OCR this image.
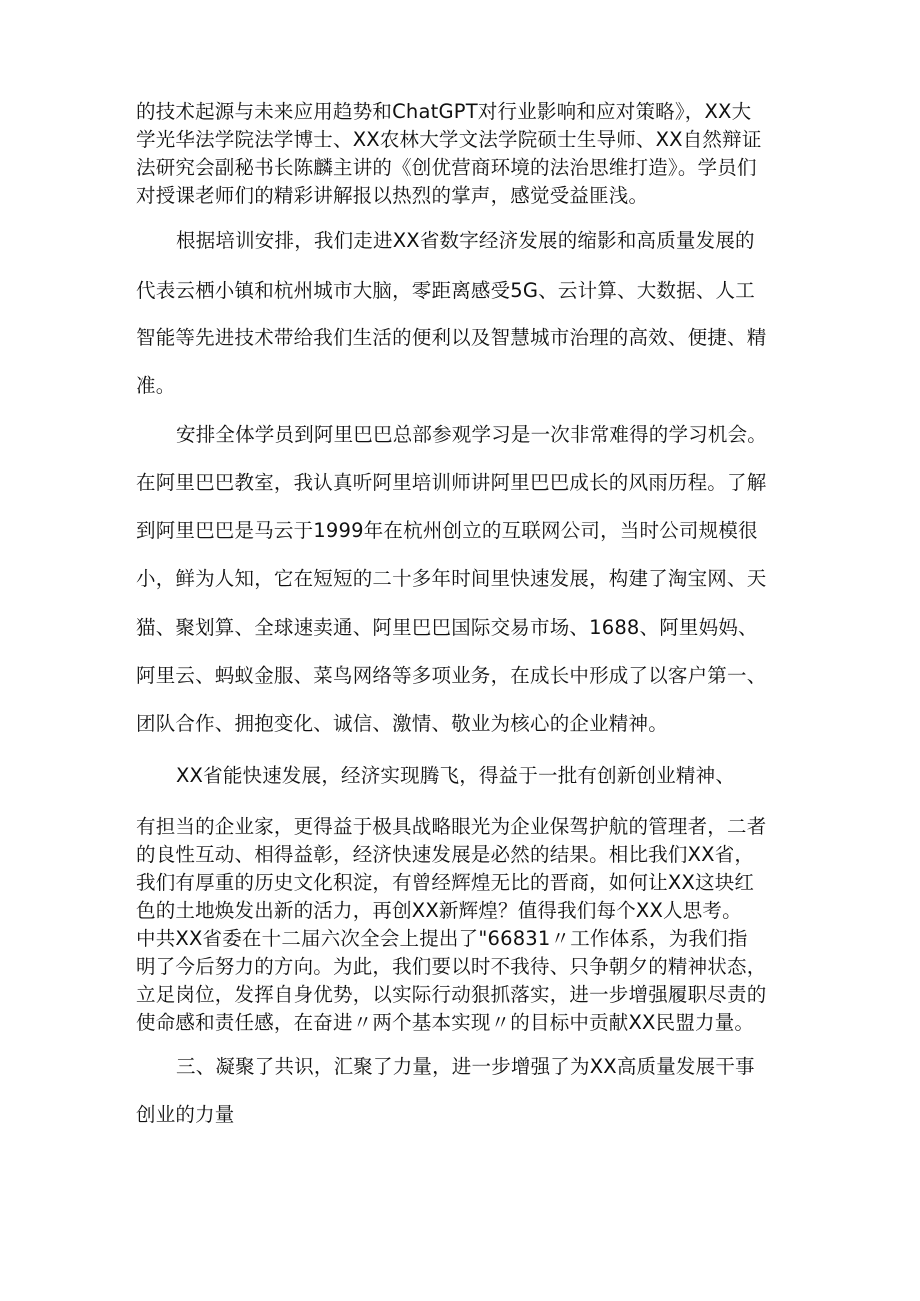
的技术起源与未来应用趋势和ChatGPT对行业影响和应对策略》，XX大
学光华法学院法学博士、XX农林大学文法学院硕士生导师、XX自然辩证
法研究会副秘书长陈麟主讲的《创优营商环境的法治思维打造》。学员们
对授课老师们的精彩讲解报以热烈的掌声，感觉受益匪浅。
根据培训安排，我们走进XX省数字经济发展的缩影和高质量发展的
代表云栖小镇和杭州城市大脑，零距离感受5G、云计算、大数据、人工
智能等先进技术带给我们生活的便利以及智慧城市治理的高效、便捷、精
准。
安排全体学员到阿里巴巴总部参观学习是一次非常难得的学习机会。
在阿里巴巴教室，我认真听阿里培训师讲阿里巴巴成长的风雨历程。了解
到阿里巴巴是马云于1999年在杭州创立的互联网公司，当时公司规模很
小，鲜为人知，它在短短的二十多年时间里快速发展，构建了淘宝网、天
猫、聚划算、全球速卖通、阿里巴巴国际交易市场、1688、阿里妈妈、
阿里云、蚂蚁金服、菜鸟网络等多项业务，在成长中形成了以客户第一、
团队合作、拥抱变化、诚信、激情、敬业为核心的企业精神。
XX省能快速发展，经济实现腾飞，得益于一批有创新创业精神、
有担当的企业家，更得益于极具战略眼光为企业保驾护航的管理者，二者
的良性互动、相得益彰，经济快速发展是必然的结果。相比我们XX省，
我们有厚重的历史文化积淀，有曾经辉煌无比的晋商，如何让XX这块红
色的土地焕发出新的活力，再创XX新辉煌？值得我们每个XX人思考。
中共XX省委在十二届六次全会上提出了"66831〃工作体系，为我们指
明了今后努力的方向。为此，我们要以时不我待、只争朝夕的精神状态，
立足岗位，发挥自身优势，以实际行动狠抓落实，进一步增强履职尽责的
使命感和责任感，在奋进〃两个基本实现〃的目标中贡献XX民盟力量。
三、凝聚了共识，汇聚了力量，进一步增强了为XX高质量发展干事
创业的力量
